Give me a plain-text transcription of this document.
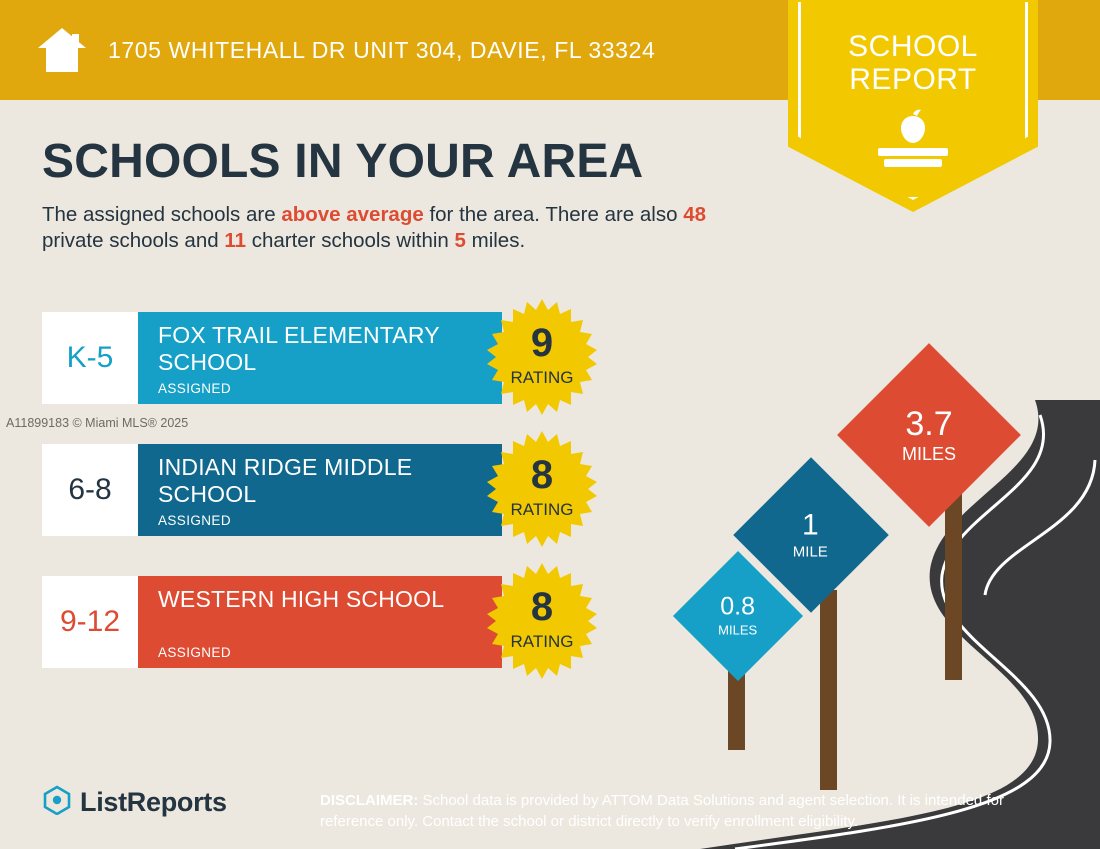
1705 WHITEHALL DR UNIT 304, DAVIE, FL 33324	SCHOOL
REPORT
SCHOOLS IN YOUR AREA
The assigned schools are above average for the area. There are also 48 private schools and 11 charter schools within 5 miles.
A11899183 © Miami MLS® 2025
K-5
FOX TRAIL ELEMENTARY SCHOOL
ASSIGNED
9
RATING
6-8
INDIAN RIDGE MIDDLE SCHOOL
ASSIGNED
8
RATING
9-12
WESTERN HIGH SCHOOL
ASSIGNED
8
RATING
3.7
MILES
1
MILE
0.8
MILES
ListReports	DISCLAIMER: School data is provided by ATTOM Data Solutions and agent selection. It is intended for reference only. Contact the school or district directly to verify enrollment eligibility.
